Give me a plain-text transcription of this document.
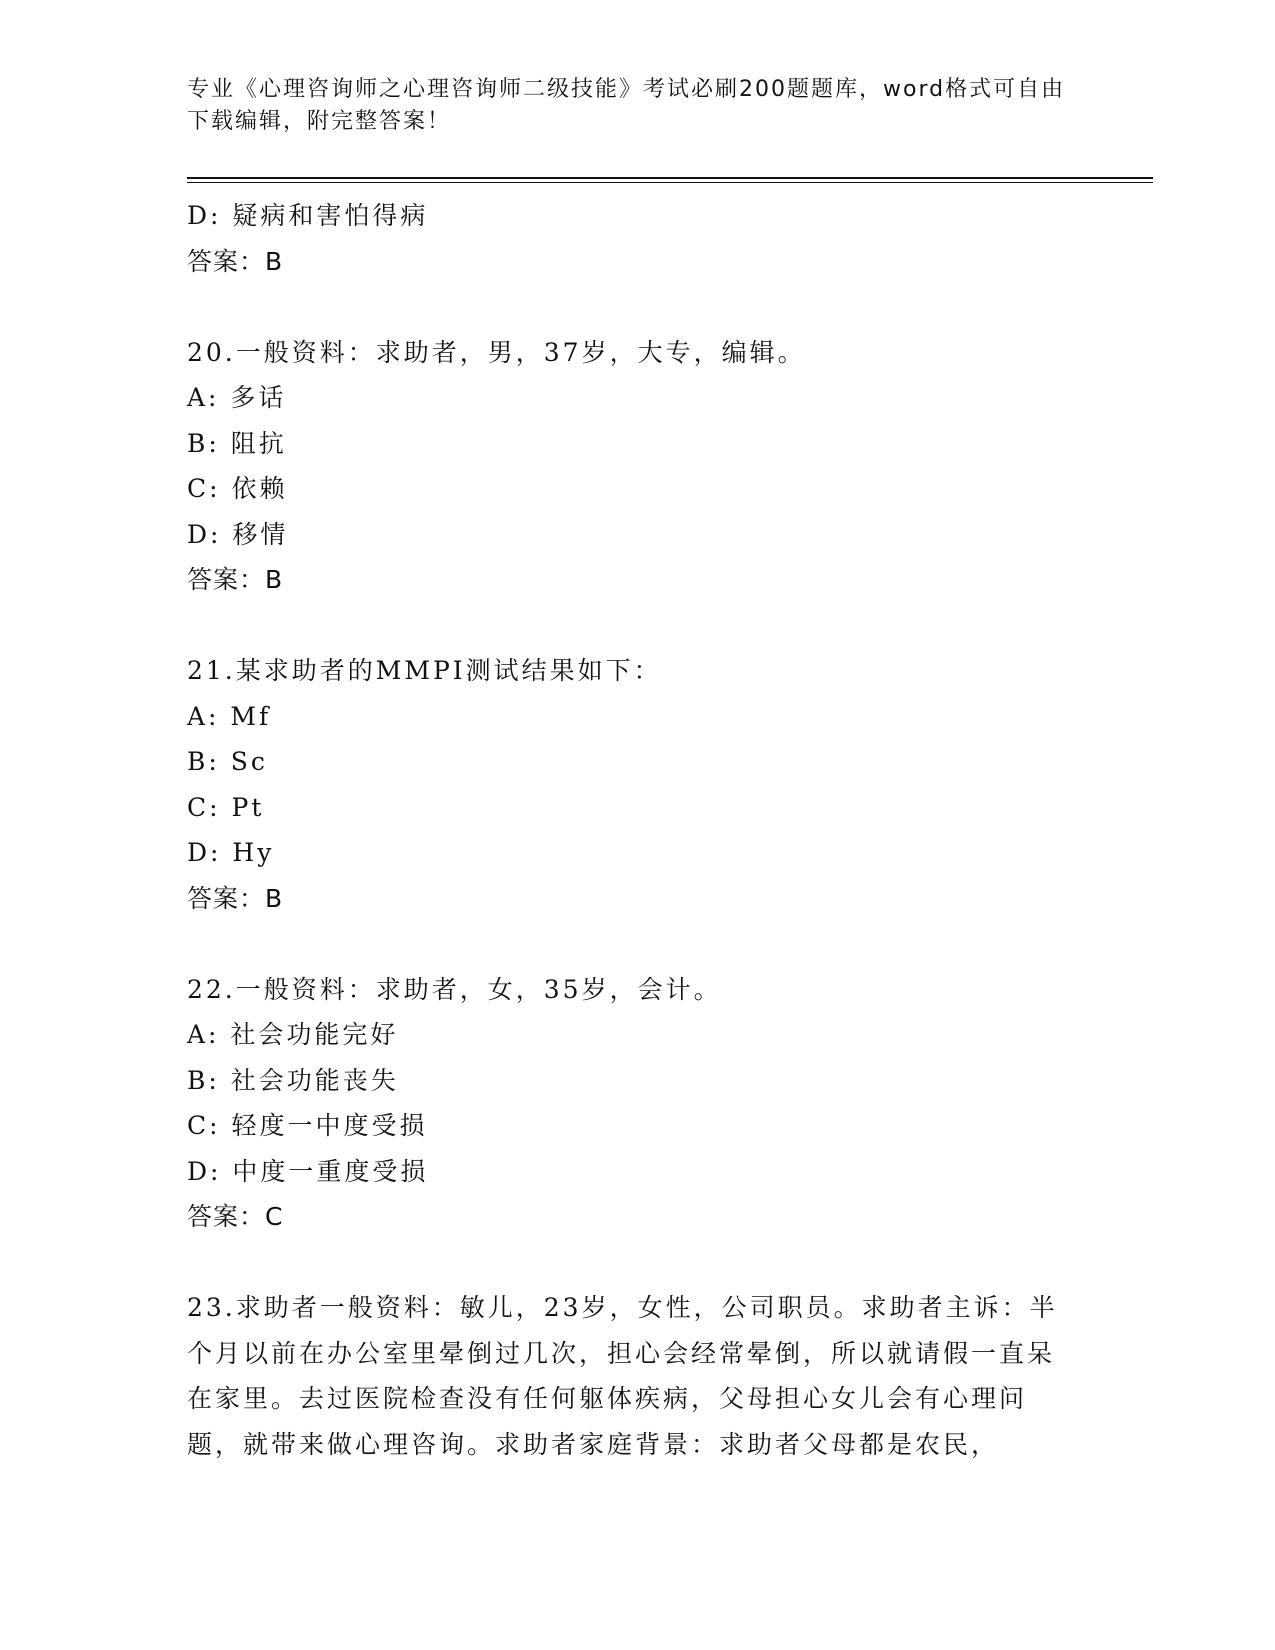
专业《心理咨询师之心理咨询师二级技能》考试必刷200题题库，word格式可自由下载编辑，附完整答案！

D: 疑病和害怕得病
答案：B
20.一般资料：求助者，男，37岁，大专，编辑。
A: 多话
B: 阻抗
C: 依赖
D: 移情
答案：B
21.某求助者的MMPI测试结果如下：
A: Mf
B: Sc
C: Pt
D: Hy
答案：B
22.一般资料：求助者，女，35岁，会计。
A: 社会功能完好
B: 社会功能丧失
C: 轻度一中度受损
D: 中度一重度受损
答案：C
23.求助者一般资料：敏儿，23岁，女性，公司职员。求助者主诉：半个月以前在办公室里晕倒过几次，担心会经常晕倒，所以就请假一直呆在家里。去过医院检查没有任何躯体疾病，父母担心女儿会有心理问题，就带来做心理咨询。求助者家庭背景：求助者父母都是农民，
